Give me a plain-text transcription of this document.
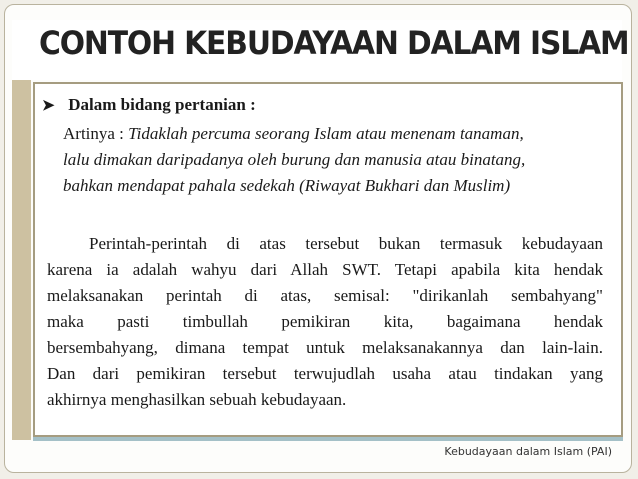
CONTOH KEBUDAYAAN DALAM ISLAM
➤ Dalam bidang pertanian :
Artinya : Tidaklah percuma seorang Islam atau menenam tanaman,
lalu dimakan daripadanya oleh burung dan manusia atau binatang,
bahkan mendapat pahala sedekah (Riwayat Bukhari dan Muslim)
Perintah-perintah di atas tersebut bukan termasuk kebudayaan
karena ia adalah wahyu dari Allah SWT. Tetapi apabila kita hendak
melaksanakan perintah di atas, semisal: "dirikanlah sembahyang"
maka pasti timbullah pemikiran kita, bagaimana hendak
bersembahyang, dimana tempat untuk melaksanakannya dan lain-lain.
Dan dari pemikiran tersebut terwujudlah usaha atau tindakan yang
akhirnya menghasilkan sebuah kebudayaan.
Kebudayaan dalam Islam (PAI)
